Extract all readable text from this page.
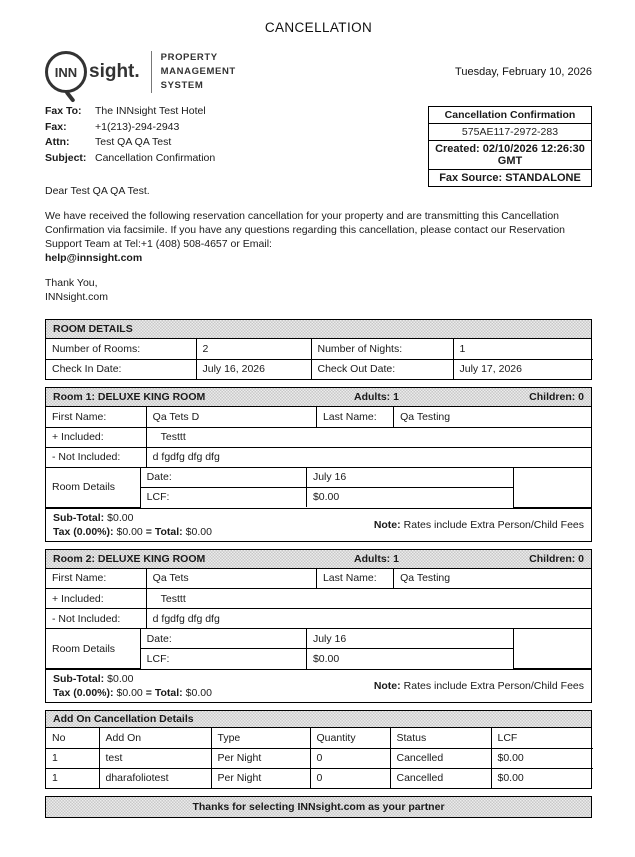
CANCELLATION
INN sight.
PROPERTY
MANAGEMENT
SYSTEM
Tuesday, February 10, 2026
Fax To:	The INNsight Test Hotel
Fax:	+1(213)-294-2943
Attn:	Test QA QA Test
Subject: Cancellation Confirmation
Cancellation Confirmation
575AE117-2972-283
Created: 02/10/2026 12:26:30 GMT
Fax Source: STANDALONE
Dear Test QA QA Test.
We have received the following reservation cancellation for your property and are transmitting this Cancellation Confirmation via facsimile. If you have any questions regarding this cancellation, please contact our Reservation Support Team at Tel:+1 (408) 508-4657 or Email:
help@innsight.com
Thank You,
INNsight.com
ROOM DETAILS
Number of Rooms:	2	Number of Nights:	1
Check In Date:	July 16, 2026	Check Out Date:	July 17, 2026
Room 1: DELUXE KING ROOM	Adults: 1	Children: 0
First Name:		Qa Tets D		Last Name:	Qa Testing	
+ Included:		Testtt				
- Not Included:		d fgdfg dfg dfg				
Room Details	Date:		July 16			
	LCF:		$0.00			
Sub-Total: $0.00
Tax (0.00%): $0.00 = Total: $0.00
Note: Rates include Extra Person/Child Fees
Room 2: DELUXE KING ROOM	Adults: 1	Children: 0
First Name:		Qa Tets		Last Name:	Qa Testing	
+ Included:		Testtt				
- Not Included:		d fgdfg dfg dfg				
Room Details	Date:		July 16			
	LCF:		$0.00			
Sub-Total: $0.00
Tax (0.00%): $0.00 = Total: $0.00
Note: Rates include Extra Person/Child Fees
Add On Cancellation Details
No	Add On	Type	Quantity	Status	LCF
1	test	Per Night	0	Cancelled	$0.00
1	dharafoliotest	Per Night	0	Cancelled	$0.00
Thanks for selecting INNsight.com as your partner
